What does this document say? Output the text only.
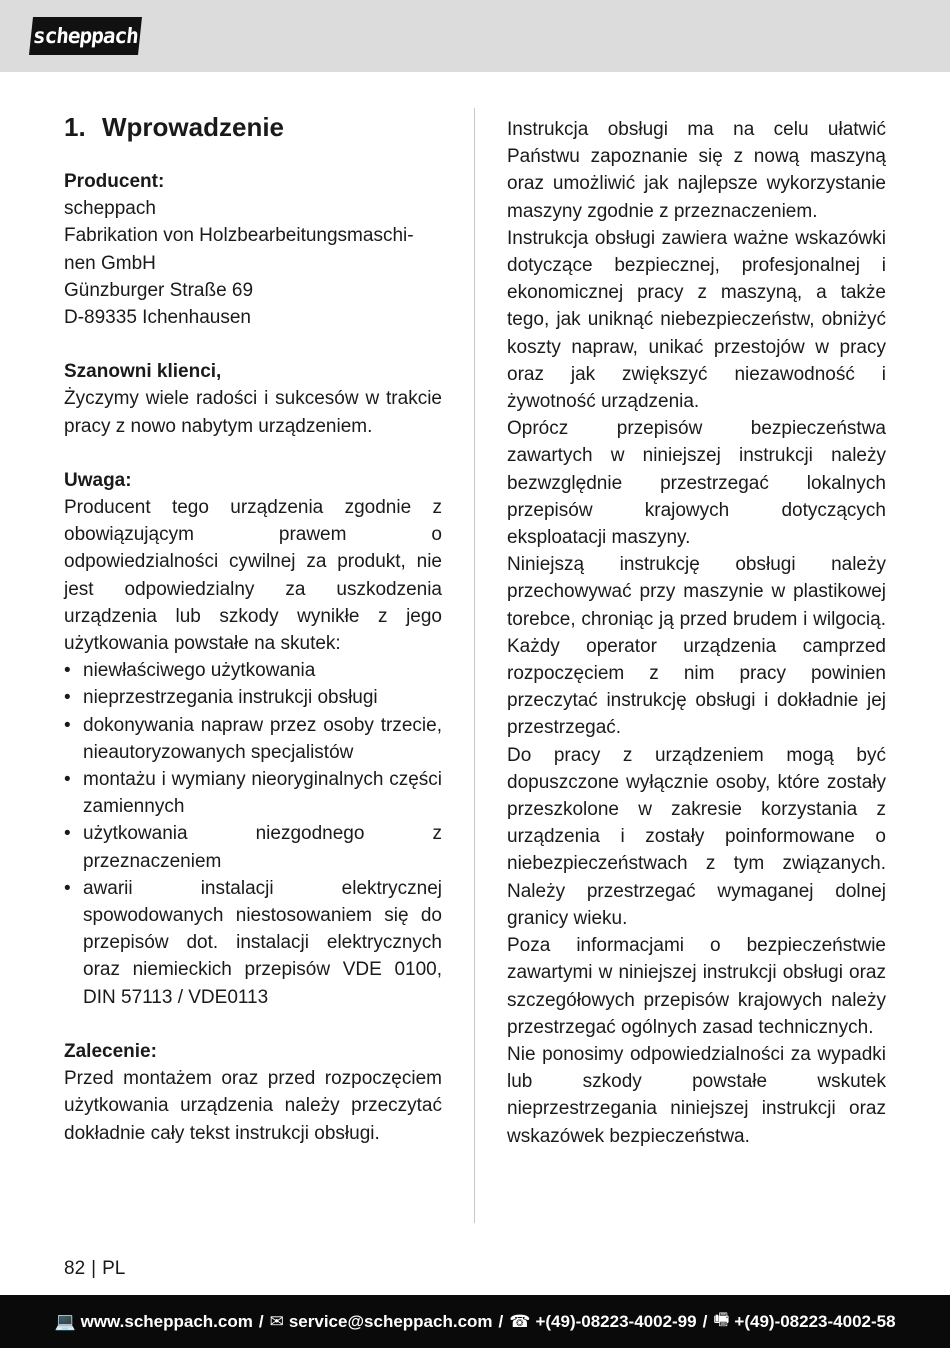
scheppach
1. Wprowadzenie
Producent:
scheppach
Fabrikation von Holzbearbeitungsmaschi-
nen GmbH
Günzburger Straße 69
D-89335 Ichenhausen
Szanowni klienci,

Życzymy wiele radości i sukcesów w trakcie pracy z nowo nabytym urządzeniem.

Uwaga:

Producent tego urządzenia zgodnie z obowiązującym prawem o odpowiedzialności cywilnej za produkt, nie jest odpowiedzialny za uszkodzenia urządzenia lub szkody wynikłe z jego użytkowania powstałe na skutek:

• niewłaściwego użytkowania
• nieprzestrzegania instrukcji obsługi
• dokonywania napraw przez osoby trzecie, nieautoryzowanych specjalistów
• montażu i wymiany nieoryginalnych części zamiennych
• użytkowania niezgodnego z przeznaczeniem
• awarii instalacji elektrycznej spowodowanych niestosowaniem się do przepisów dot. instalacji elektrycznych oraz niemieckich przepisów VDE 0100, DIN 57113 / VDE0113
Zalecenie:

Przed montażem oraz przed rozpoczęciem użytkowania urządzenia należy przeczytać dokładnie cały tekst instrukcji obsługi.

Instrukcja obsługi ma na celu ułatwić Państwu zapoznanie się z nową maszyną oraz umożliwić jak najlepsze wykorzystanie maszyny zgodnie z przeznaczeniem.

Instrukcja obsługi zawiera ważne wskazówki dotyczące bezpiecznej, profesjonalnej i ekonomicznej pracy z maszyną, a także tego, jak uniknąć niebezpieczeństw, obniżyć koszty napraw, unikać przestojów w pracy oraz jak zwiększyć niezawodność i żywotność urządzenia.

Oprócz przepisów bezpieczeństwa zawartych w niniejszej instrukcji należy bezwzględnie przestrzegać lokalnych przepisów krajowych dotyczących eksploatacji maszyny.

Niniejszą instrukcję obsługi należy przechowywać przy maszynie w plastikowej torebce, chroniąc ją przed brudem i wilgocią. Każdy operator urządzenia camprzed rozpoczęciem z nim pracy powinien przeczytać instrukcję obsługi i dokładnie jej przestrzegać.

Do pracy z urządzeniem mogą być dopuszczone wyłącznie osoby, które zostały przeszkolone w zakresie korzystania z urządzenia i zostały poinformowane o niebezpieczeństwach z tym związanych. Należy przestrzegać wymaganej dolnej granicy wieku.

Poza informacjami o bezpieczeństwie zawartymi w niniejszej instrukcji obsługi oraz szczegółowych przepisów krajowych należy przestrzegać ogólnych zasad technicznych.

Nie ponosimy odpowiedzialności za wypadki lub szkody powstałe wskutek nieprzestrzegania niniejszej instrukcji oraz wskazówek bezpieczeństwa.

82 | PL
💻 www.scheppach.com / ✉ service@scheppach.com / ☎ +(49)-08223-4002-99 / 🖷 +(49)-08223-4002-58
